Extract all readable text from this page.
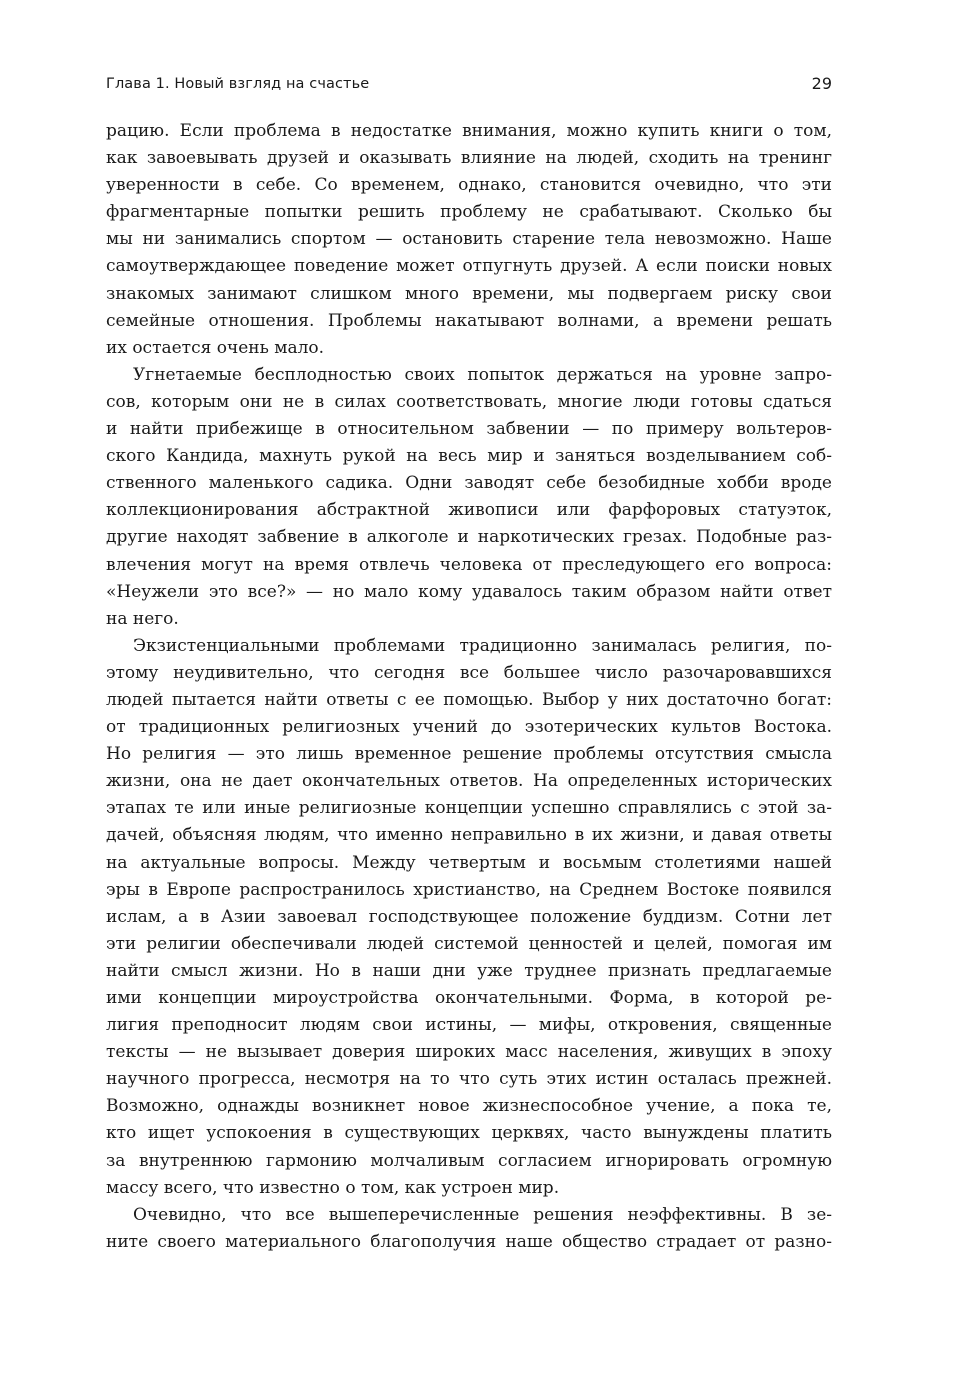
Глава 1. Новый взгляд на счастье	29

рацию. Если проблема в недостатке внимания, можно купить книги о том,
как завоевывать друзей и оказывать влияние на людей, сходить на тренинг
уверенности в себе. Со временем, однако, становится очевидно, что эти
фрагментарные попытки решить проблему не срабатывают. Сколько бы
мы ни занимались спортом — остановить старение тела невозможно. Наше
самоутверждающее поведение может отпугнуть друзей. А если поиски новых
знакомых занимают слишком много времени, мы подвергаем риску свои
семейные отношения. Проблемы накатывают волнами, а времени решать
их остается очень мало.

Угнетаемые бесплодностью своих попыток держаться на уровне запро-
сов, которым они не в силах соответствовать, многие люди готовы сдаться
и найти прибежище в относительном забвении — по примеру вольтеров-
ского Кандида, махнуть рукой на весь мир и заняться возделыванием соб-
ственного маленького садика. Одни заводят себе безобидные хобби вроде
коллекционирования абстрактной живописи или фарфоровых статуэток,
другие находят забвение в алкоголе и наркотических грезах. Подобные раз-
влечения могут на время отвлечь человека от преследующего его вопроса:
«Неужели это все?» — но мало кому удавалось таким образом найти ответ
на него.

Экзистенциальными проблемами традиционно занималась религия, по-
этому неудивительно, что сегодня все большее число разочаровавшихся
людей пытается найти ответы с ее помощью. Выбор у них достаточно богат:
от традиционных религиозных учений до эзотерических культов Востока.
Но религия — это лишь временное решение проблемы отсутствия смысла
жизни, она не дает окончательных ответов. На определенных исторических
этапах те или иные религиозные концепции успешно справлялись с этой за-
дачей, объясняя людям, что именно неправильно в их жизни, и давая ответы
на актуальные вопросы. Между четвертым и восьмым столетиями нашей
эры в Европе распространилось христианство, на Среднем Востоке появился
ислам, а в Азии завоевал господствующее положение буддизм. Сотни лет
эти религии обеспечивали людей системой ценностей и целей, помогая им
найти смысл жизни. Но в наши дни уже труднее признать предлагаемые
ими концепции мироустройства окончательными. Форма, в которой ре-
лигия преподносит людям свои истины, — мифы, откровения, священные
тексты — не вызывает доверия широких масс населения, живущих в эпоху
научного прогресса, несмотря на то что суть этих истин осталась прежней.
Возможно, однажды возникнет новое жизнеспособное учение, а пока те,
кто ищет успокоения в существующих церквях, часто вынуждены платить
за внутреннюю гармонию молчаливым согласием игнорировать огромную
массу всего, что известно о том, как устроен мир.

Очевидно, что все вышеперечисленные решения неэффективны. В зе-
ните своего материального благополучия наше общество страдает от разно-
